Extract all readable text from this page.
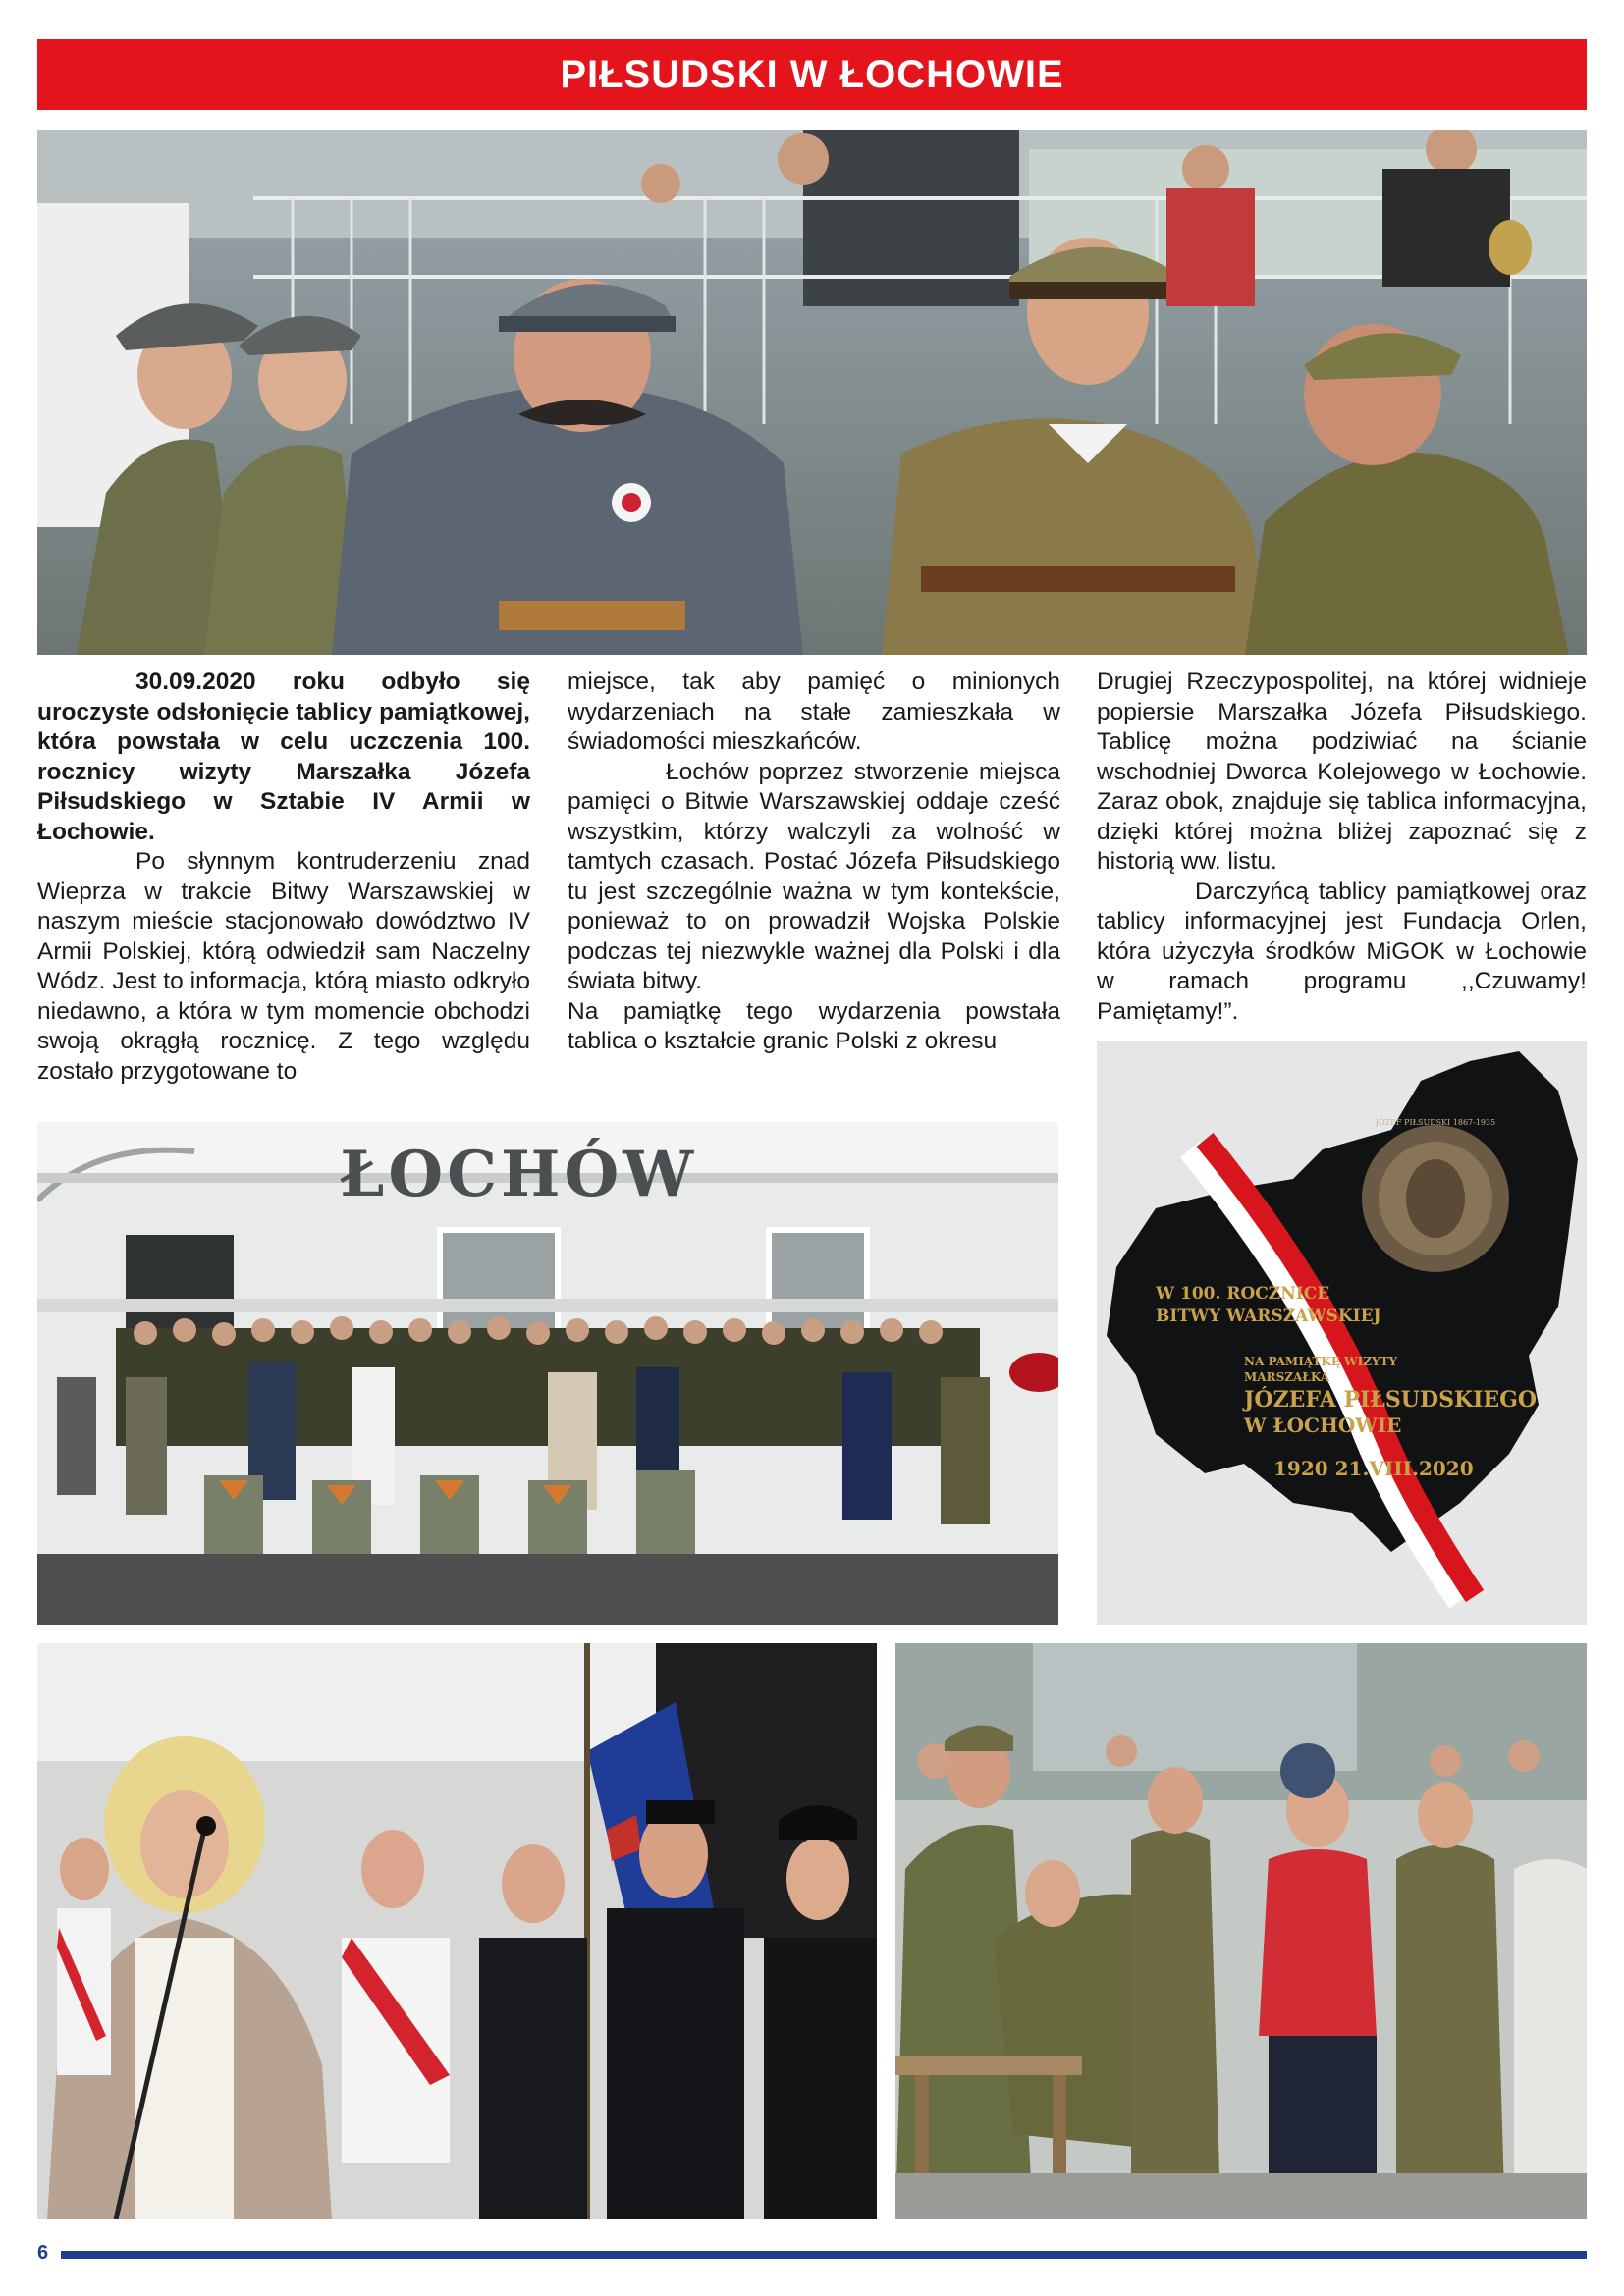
PIŁSUDSKI W ŁOCHOWIE

30.09.2020 roku odbyło się uroczyste odsłonięcie tablicy pamiątkowej, która powstała w celu uczczenia 100. rocznicy wizyty Marszałka Józefa Piłsudskiego w Sztabie IV Armii w Łochowie.

Po słynnym kontruderzeniu znad Wieprza w trakcie Bitwy Warszawskiej w naszym mieście stacjonowało dowództwo IV Armii Polskiej, którą odwiedził sam Naczelny Wódz. Jest to informacja, którą miasto odkryło niedawno, a która w tym momencie obchodzi swoją okrągłą rocznicę. Z tego względu zostało przygotowane to

miejsce, tak aby pamięć o minionych wydarzeniach na stałe zamieszkała w świadomości mieszkańców.

Łochów poprzez stworzenie miejsca pamięci o Bitwie Warszawskiej oddaje cześć wszystkim, którzy walczyli za wolność w tamtych czasach. Postać Józefa Piłsudskiego tu jest szczególnie ważna w tym kontekście, ponieważ to on prowadził Wojska Polskie podczas tej niezwykle ważnej dla Polski i dla świata bitwy.

Na pamiątkę tego wydarzenia powstała tablica o kształcie granic Polski z okresu

Drugiej Rzeczypospolitej, na której widnieje popiersie Marszałka Józefa Piłsudskiego. Tablicę można podziwiać na ścianie wschodniej Dworca Kolejowego w Łochowie. Zaraz obok, znajduje się tablica informacyjna, dzięki której można bliżej zapoznać się z historią ww. listu.

Darczyńcą tablicy pamiątkowej oraz tablicy informacyjnej jest Fundacja Orlen, która użyczyła środków MiGOK w Łochowie w ramach programu ,,Czuwamy! Pamiętamy!”.

ŁOCHÓW
JÓZEF PIŁSUDSKI 1867-1935
W 100. ROCZNICE
BITWY WARSZAWSKIEJ
NA PAMIĄTKĘ WIZYTY
MARSZAŁKA
JÓZEFA PIŁSUDSKIEGO
W ŁOCHOWIE
1920 21.VIII.2020
6
